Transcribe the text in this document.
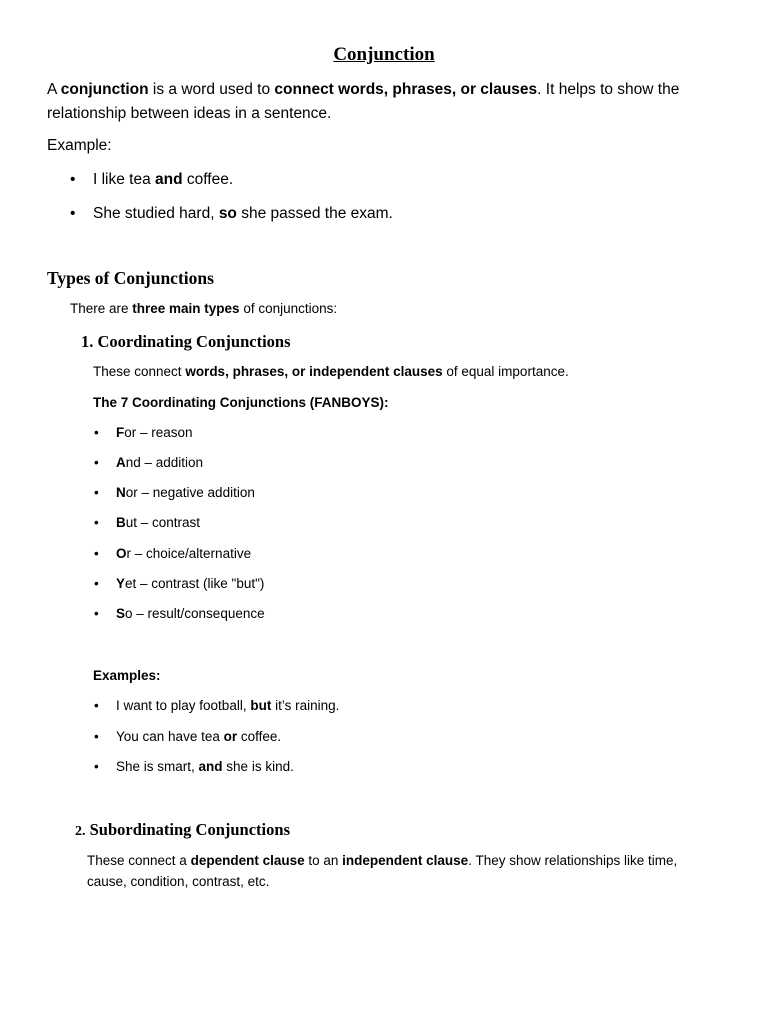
Conjunction
A conjunction is a word used to connect words, phrases, or clauses. It helps to show the relationship between ideas in a sentence.
Example:
• I like tea and coffee.
• She studied hard, so she passed the exam.
Types of Conjunctions
There are three main types of conjunctions:
1. Coordinating Conjunctions
These connect words, phrases, or independent clauses of equal importance.
The 7 Coordinating Conjunctions (FANBOYS):
• For – reason
• And – addition
• Nor – negative addition
• But – contrast
• Or – choice/alternative
• Yet – contrast (like "but")
• So – result/consequence
Examples:
• I want to play football, but it’s raining.
• You can have tea or coffee.
• She is smart, and she is kind.
2. Subordinating Conjunctions
These connect a dependent clause to an independent clause. They show relationships like time, cause, condition, contrast, etc.
